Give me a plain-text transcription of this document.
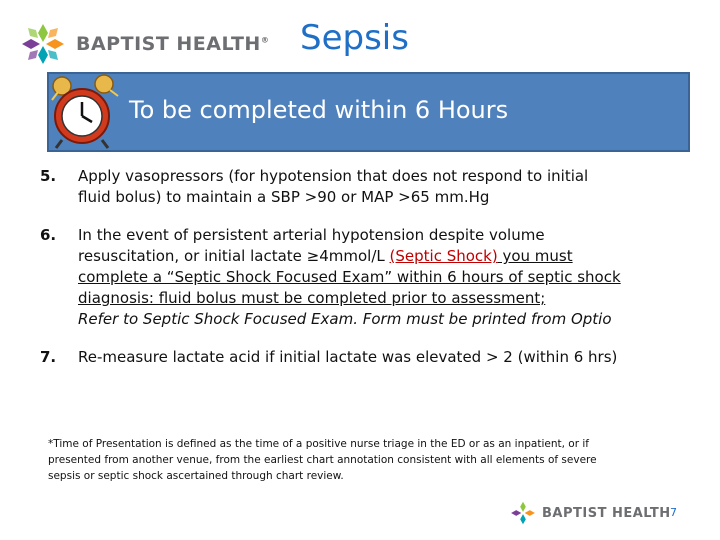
BAPTIST HEALTH® Sepsis
To be completed within 6 Hours
5.	Apply vasopressors (for hypotension that does not respond to initial
fluid bolus) to maintain a SBP >90 or MAP >65 mm.Hg
6.	In the event of persistent arterial hypotension despite volume
resuscitation, or initial lactate ≥4mmol/L (Septic Shock) you must
complete a “Septic Shock Focused Exam” within 6 hours of septic shock
diagnosis: fluid bolus must be completed prior to assessment;
Refer to Septic Shock Focused Exam. Form must be printed from Optio
7.	Re-measure lactate acid if initial lactate was elevated > 2 (within 6 hrs)
*Time of Presentation is defined as the time of a positive nurse triage in the ED or as an inpatient, or if
presented from another venue, from the earliest chart annotation consistent with all elements of severe
sepsis or septic shock ascertained through chart review.
BAPTIST HEALTH 7
